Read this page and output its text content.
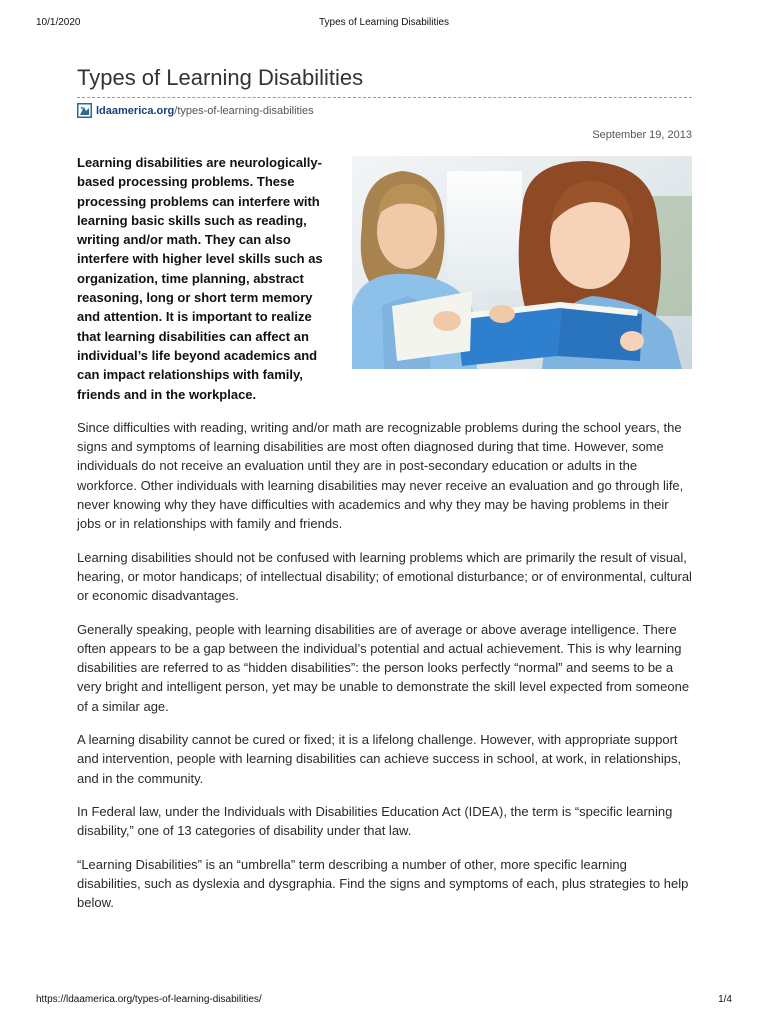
10/1/2020	Types of Learning Disabilities
Types of Learning Disabilities
ldaamerica.org /types-of-learning-disabilities
September 19, 2013

Learning disabilities are neurologically-based processing problems. These processing problems can interfere with learning basic skills such as reading, writing and/or math. They can also interfere with higher level skills such as organization, time planning, abstract reasoning, long or short term memory and attention. It is important to realize that learning disabilities can affect an individual’s life beyond academics and can impact relationships with family, friends and in the workplace.

Since difficulties with reading, writing and/or math are recognizable problems during the school years, the signs and symptoms of learning disabilities are most often diagnosed during that time. However, some individuals do not receive an evaluation until they are in post-secondary education or adults in the workforce. Other individuals with learning disabilities may never receive an evaluation and go through life, never knowing why they have difficulties with academics and why they may be having problems in their jobs or in relationships with family and friends.

Learning disabilities should not be confused with learning problems which are primarily the result of visual, hearing, or motor handicaps; of intellectual disability; of emotional disturbance; or of environmental, cultural or economic disadvantages.

Generally speaking, people with learning disabilities are of average or above average intelligence. There often appears to be a gap between the individual’s potential and actual achievement. This is why learning disabilities are referred to as “hidden disabilities”: the person looks perfectly “normal” and seems to be a very bright and intelligent person, yet may be unable to demonstrate the skill level expected from someone of a similar age.

A learning disability cannot be cured or fixed; it is a lifelong challenge. However, with appropriate support and intervention, people with learning disabilities can achieve success in school, at work, in relationships, and in the community.

In Federal law, under the Individuals with Disabilities Education Act (IDEA), the term is “specific learning disability,” one of 13 categories of disability under that law.

“Learning Disabilities” is an “umbrella” term describing a number of other, more specific learning disabilities, such as dyslexia and dysgraphia. Find the signs and symptoms of each, plus strategies to help below.

https://ldaamerica.org/types-of-learning-disabilities/	1/4
